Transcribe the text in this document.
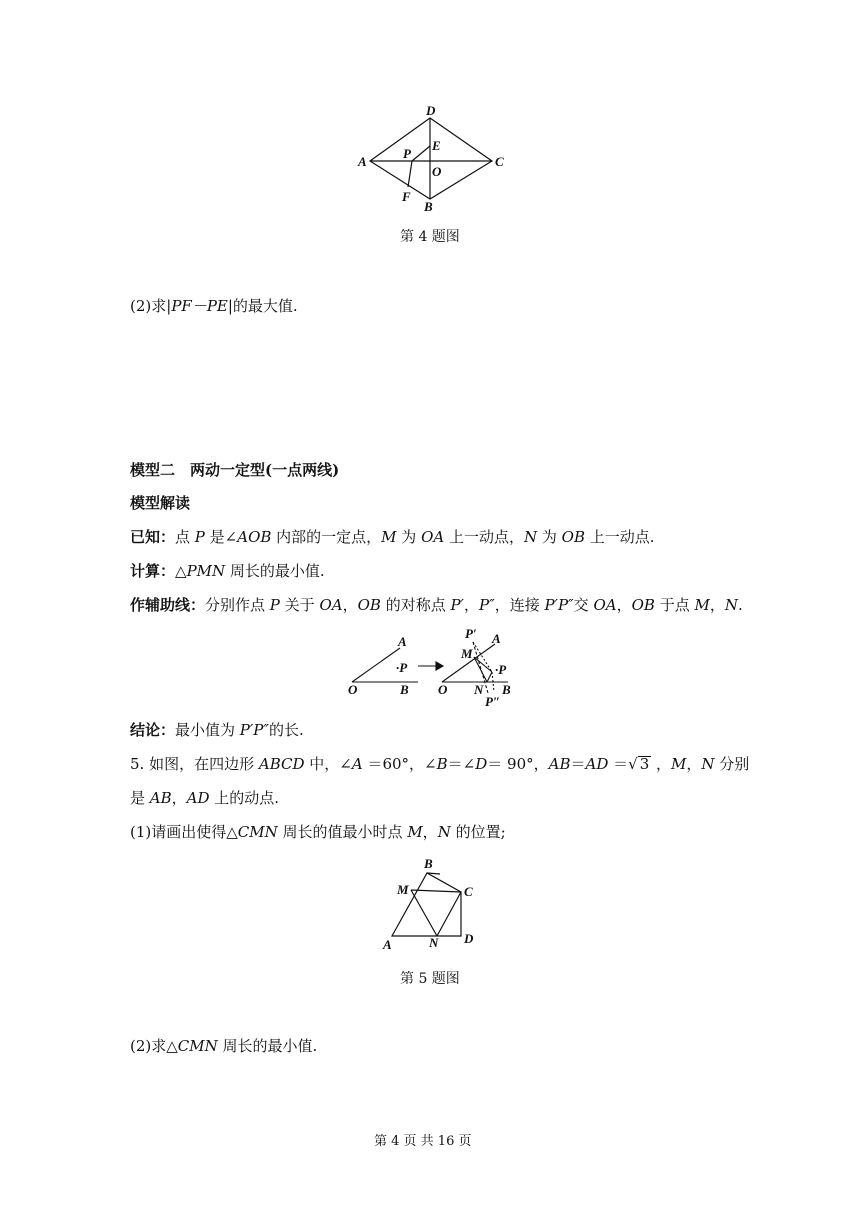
A
D
C
B
E
P
O
F
第 4 题图
(2)求|PF－PE|的最大值.
模型二　两动一定型(一点两线)
模型解读
已知：点 P 是∠AOB 内部的一定点，M 为 OA 上一动点，N 为 OB 上一动点.
计算：△PMN 周长的最小值.
作辅助线：分别作点 P 关于 OA，OB 的对称点 P′，P″，连接 P′P″交 OA，OB 于点 M，N.
A
·P
O	B O
P′ A
M
·P
N B
P″
结论：最小值为 P′P″的长.
5. 如图，在四边形 ABCD 中，∠A ＝60°，∠B＝∠D＝ 90°，AB＝AD ＝√ 3 ，M，N 分别
是 AB，AD 上的动点.
(1)请画出使得△CMN 周长的值最小时点 M，N 的位置;
B
M	C
A	N D
第 5 题图
(2)求△CMN 周长的最小值.
第 4 页 共 16 页
